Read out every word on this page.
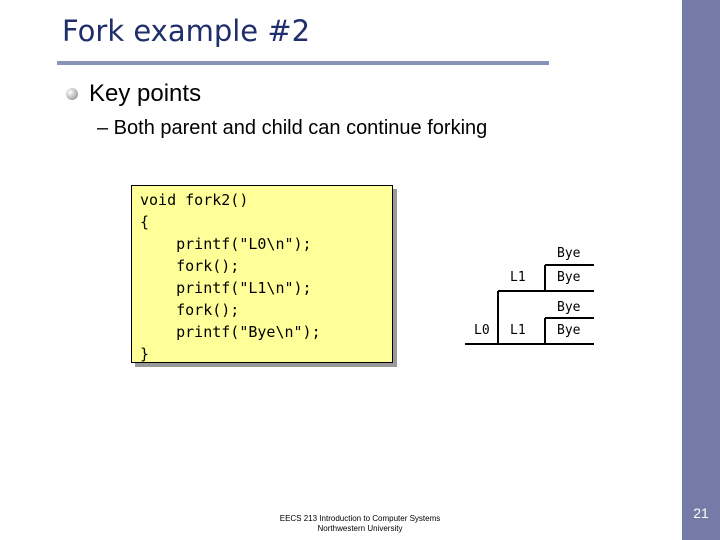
21
Fork example #2
Key points
– Both parent and child can continue forking
void fork2()
{
printf("L0\n");
fork();
printf("L1\n");
fork();
printf("Bye\n");
}
L0
L1
L1
Bye
Bye
Bye
Bye
EECS 213 Introduction to Computer Systems
Northwestern University
